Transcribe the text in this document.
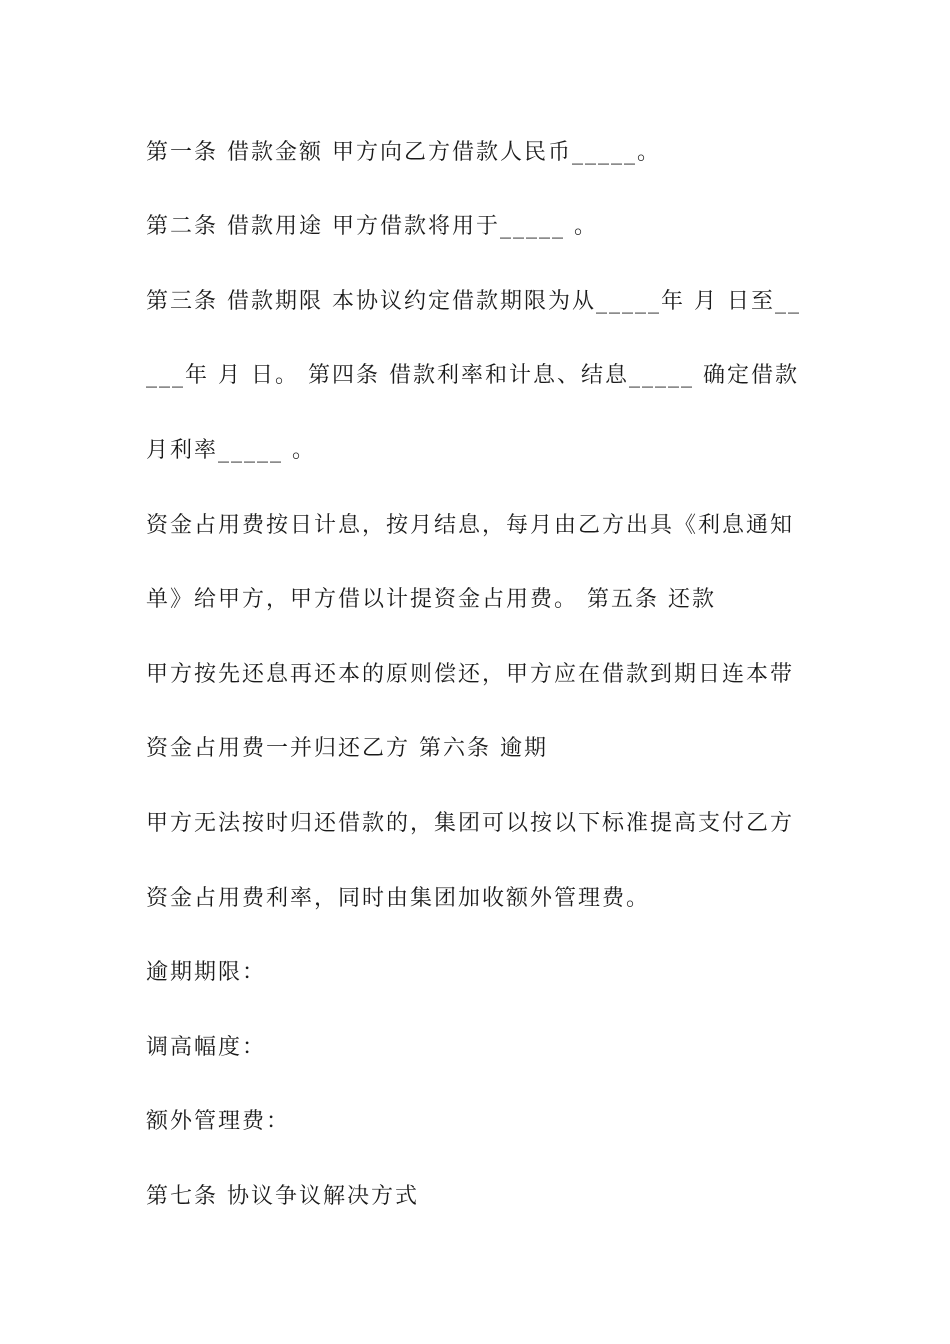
第一条 借款金额 甲方向乙方借款人民币_____。
第二条 借款用途 甲方借款将用于_____ 。
第三条 借款期限 本协议约定借款期限为从_____年 月 日至__
___年 月 日。 第四条 借款利率和计息、结息_____ 确定借款
月利率_____ 。
资金占用费按日计息，按月结息，每月由乙方出具《利息通知
单》给甲方，甲方借以计提资金占用费。 第五条 还款
甲方按先还息再还本的原则偿还，甲方应在借款到期日连本带
资金占用费一并归还乙方 第六条 逾期
甲方无法按时归还借款的，集团可以按以下标准提高支付乙方
资金占用费利率，同时由集团加收额外管理费。
逾期期限：
调高幅度：
额外管理费：
第七条 协议争议解决方式
